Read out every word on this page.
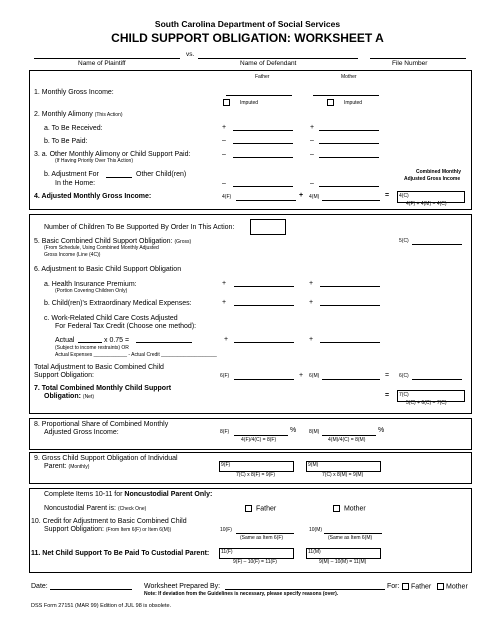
South Carolina Department of Social Services
CHILD SUPPORT OBLIGATION: WORKSHEET A
vs.
Name of Plaintiff	Name of Defendant	File Number
Father	Mother
1. Monthly Gross Income:
Imputed	Imputed
2. Monthly Alimony (This Action)
a. To Be Received:	+	+
b. To Be Paid:	–	–
3. a. Other Monthly Alimony or Child Support Paid:
(If Having Priority Over This Action)
–	–
b. Adjustment For	Other Child(ren)
In the Home:	–	–
Combined Monthly
Adjusted Gross Income
4. Adjusted Monthly Gross Income:	4(F)	+ 4(M)	= 4(C)
4(F) + 4(M) = 4(C)
Number of Children To Be Supported By Order In This Action:
5. Basic Combined Child Support Obligation: (Gross)
(From Schedule, Using Combined Monthly Adjusted
Gross Income (Line (4C))
5(C)
6. Adjustment to Basic Child Support Obligation
a. Health Insurance Premium:
(Portion Covering Children Only)
+	+
b. Child(ren)'s Extraordinary Medical Expenses:	+	+
c. Work-Related Child Care Costs Adjusted
For Federal Tax Credit (Choose one method):
Actual	x 0.75 =	+	+
(Subject to income restraints) OR
Actual Expenses ____________ - Actual Credit ____________________
Total Adjustment to Basic Combined Child
Support Obligation:	6(F)	+ 6(M)	= 6(C)
7. Total Combined Monthly Child Support
Obligation: (Net)	= 7(C)
5(C) + 6(C) = 7(C)
8. Proportional Share of Combined Monthly
Adjusted Gross Income:	8(F)	%	8(M)	%
4(F)/4(C) = 8(F)	4(M)/4(C) = 8(M)
9. Gross Child Support Obligation of Individual
Parent: (Monthly)	9(F)	9(M)
7(C) x 8(F) = 9(F)	7(C) x 8(M) = 9(M)
Complete Items 10-11 for Noncustodial Parent Only:
Noncustodial Parent is: (Check One)	Father	Mother
10. Credit for Adjustment to Basic Combined Child
Support Obligation: (From Item 6(F) or Item 6(M))	10(F)	10(M)
(Same as Item 6(F)	(Same as Item 6(M)
11. Net Child Support To Be Paid To Custodial Parent: 11(F)	11(M)
9(F) – 10(F) = 11(F)	9(M) – 10(M) = 11(M)
Date:	Worksheet Prepared By:	For:	Father	Mother
Note: If deviation from the Guidelines is necessary, please specify reasons (over).
DSS Form 27151 (MAR 99) Edition of JUL 98 is obsolete.
